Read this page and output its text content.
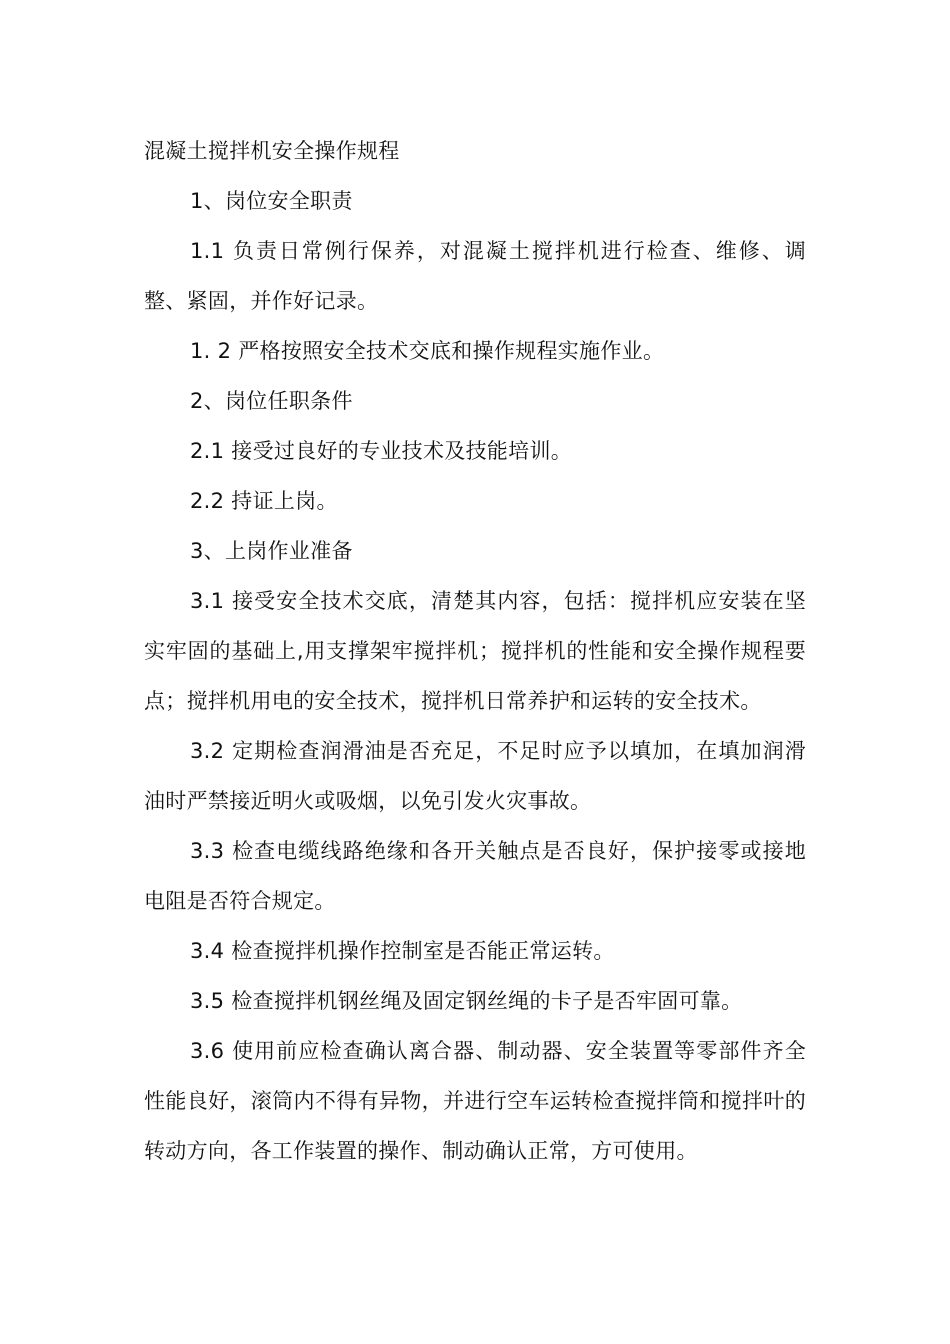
混凝土搅拌机安全操作规程

1、岗位安全职责

1.1 负责日常例行保养，对混凝土搅拌机进行检查、维修、调整、紧固，并作好记录。

1. 2 严格按照安全技术交底和操作规程实施作业。

2、岗位任职条件

2.1 接受过良好的专业技术及技能培训。

2.2 持证上岗。

3、上岗作业准备

3.1 接受安全技术交底，清楚其内容，包括：搅拌机应安装在坚实牢固的基础上,用支撑架牢搅拌机；搅拌机的性能和安全操作规程要点；搅拌机用电的安全技术，搅拌机日常养护和运转的安全技术。

3.2 定期检查润滑油是否充足，不足时应予以填加，在填加润滑油时严禁接近明火或吸烟，以免引发火灾事故。

3.3 检查电缆线路绝缘和各开关触点是否良好，保护接零或接地电阻是否符合规定。

3.4 检查搅拌机操作控制室是否能正常运转。

3.5 检查搅拌机钢丝绳及固定钢丝绳的卡子是否牢固可靠。

3.6 使用前应检查确认离合器、制动器、安全装置等零部件齐全性能良好，滚筒内不得有异物，并进行空车运转检查搅拌筒和搅拌叶的转动方向，各工作装置的操作、制动确认正常，方可使用。
